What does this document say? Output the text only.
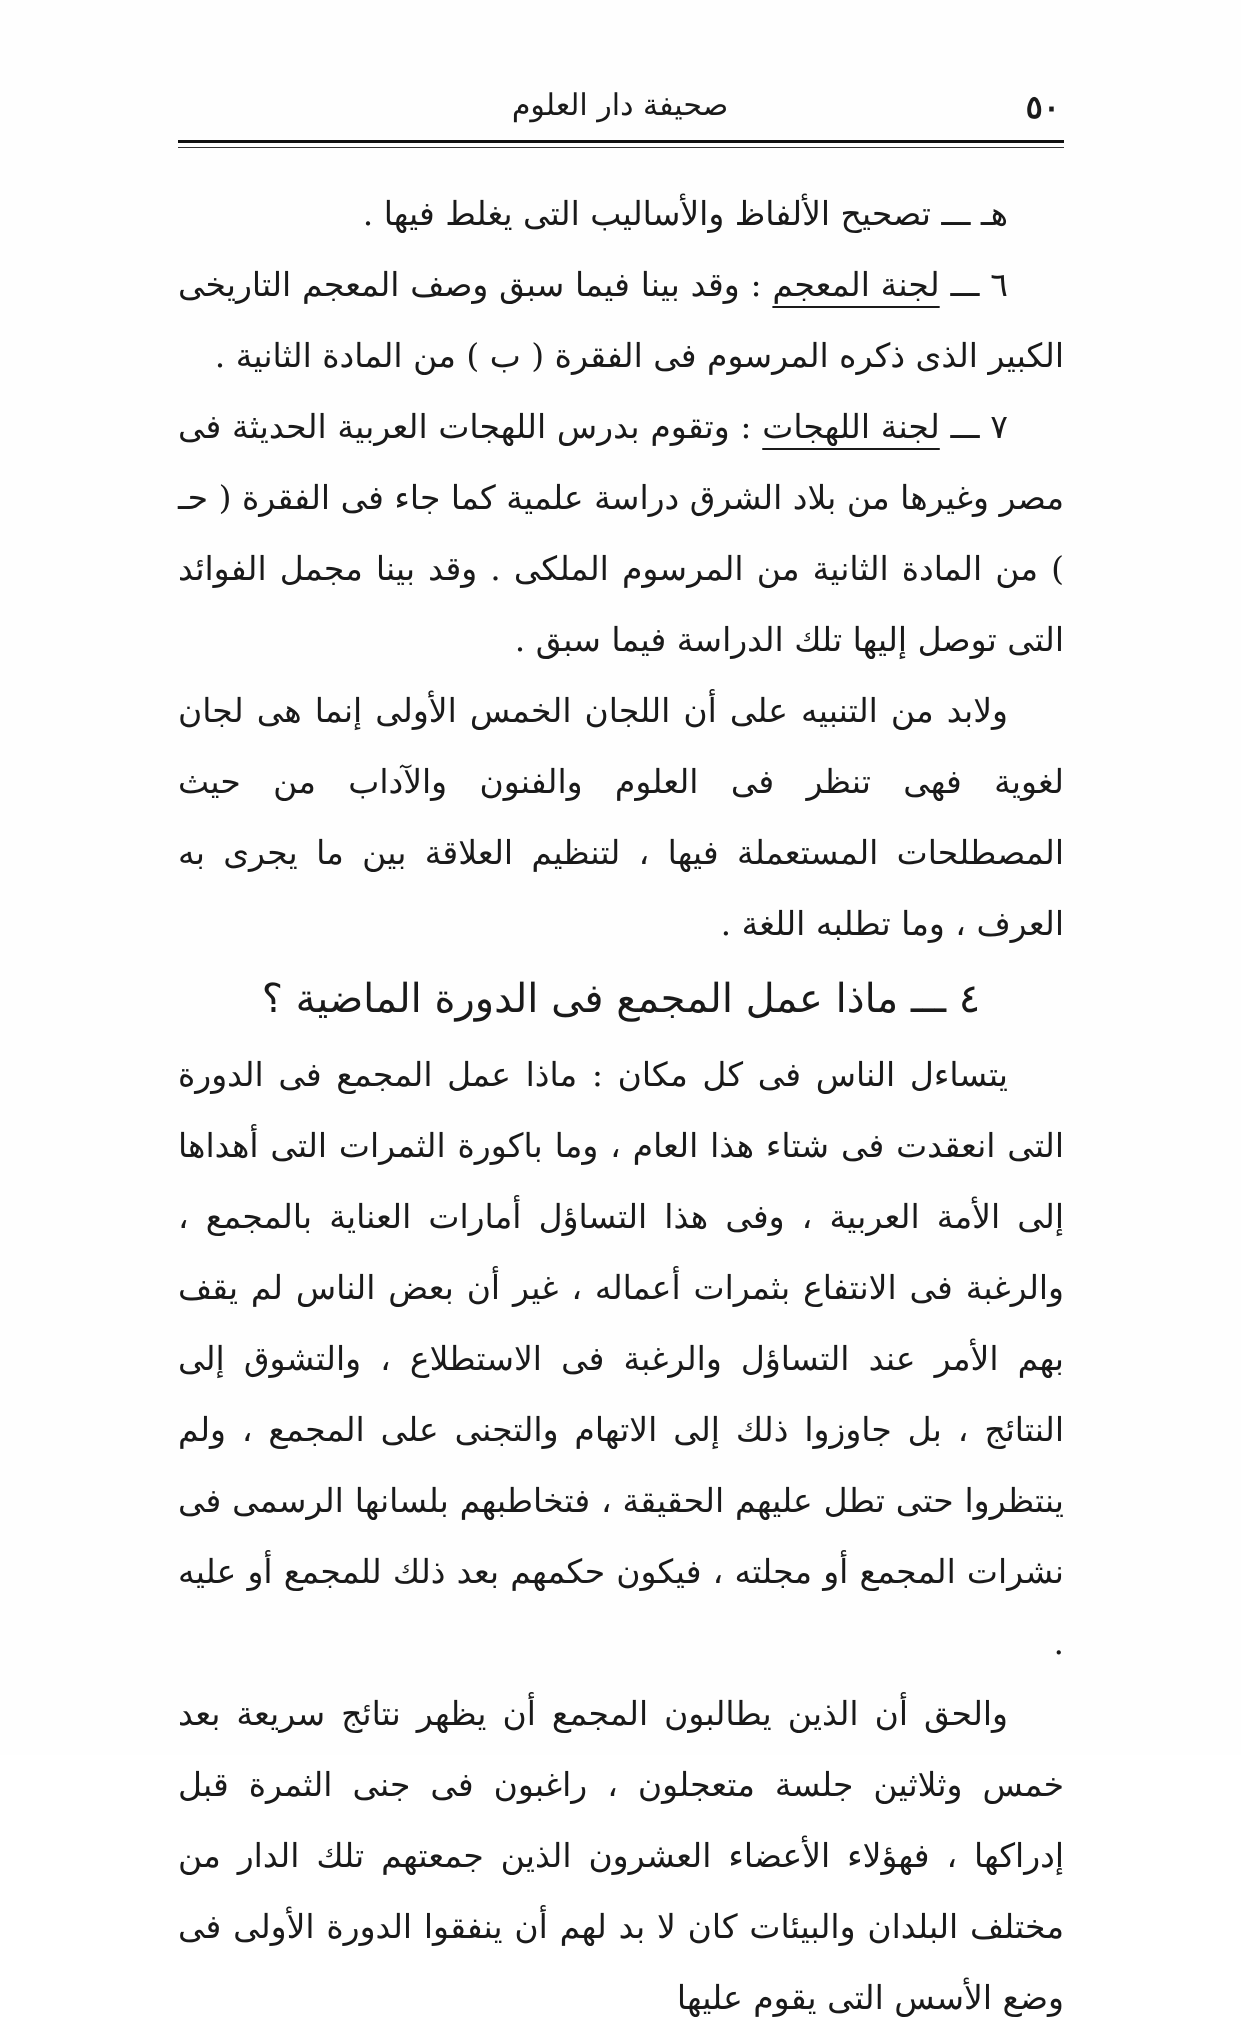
٥٠
صحيفة دار العلوم

هـ ـــ تصحيح الألفاظ والأساليب التى يغلط فيها .

٦ ـــ لجنة المعجم : وقد بينا فيما سبق وصف المعجم التاريخى الكبير الذى ذكره المرسوم فى الفقرة ( ب ) من المادة الثانية .

٧ ـــ لجنة اللهجات : وتقوم بدرس اللهجات العربية الحديثة فى مصر وغيرها من بلاد الشرق دراسة علمية كما جاء فى الفقرة ( حـ ) من المادة الثانية من المرسوم الملكى . وقد بينا مجمل الفوائد التى توصل إليها تلك الدراسة فيما سبق .

ولابد من التنبيه على أن اللجان الخمس الأولى إنما هى لجان لغوية فهى تنظر فى العلوم والفنون والآداب من حيث المصطلحات المستعملة فيها ، لتنظيم العلاقة بين ما يجرى به العرف ، وما تطلبه اللغة .

٤ ـــ ماذا عمل المجمع فى الدورة الماضية ؟

يتساءل الناس فى كل مكان : ماذا عمل المجمع فى الدورة التى انعقدت فى شتاء هذا العام ، وما باكورة الثمرات التى أهداها إلى الأمة العربية ، وفى هذا التساؤل أمارات العناية بالمجمع ، والرغبة فى الانتفاع بثمرات أعماله ، غير أن بعض الناس لم يقف بهم الأمر عند التساؤل والرغبة فى الاستطلاع ، والتشوق إلى النتائج ، بل جاوزوا ذلك إلى الاتهام والتجنى على المجمع ، ولم ينتظروا حتى تطل عليهم الحقيقة ، فتخاطبهم بلسانها الرسمى فى نشرات المجمع أو مجلته ، فيكون حكمهم بعد ذلك للمجمع أو عليه .

والحق أن الذين يطالبون المجمع أن يظهر نتائج سريعة بعد خمس وثلاثين جلسة متعجلون ، راغبون فى جنى الثمرة قبل إدراكها ، فهؤلاء الأعضاء العشرون الذين جمعتهم تلك الدار من مختلف البلدان والبيئات كان لا بد لهم أن ينفقوا الدورة الأولى فى وضع الأسس التى يقوم عليها
